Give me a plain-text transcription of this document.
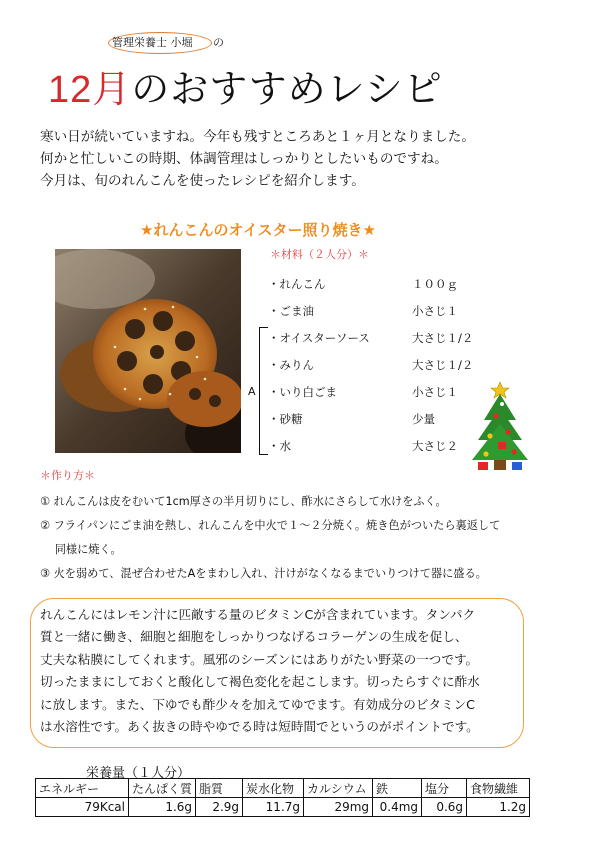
管理栄養士 小堀 の
12月のおすすめレシピ
寒い日が続いていますね。今年も残すところあと１ヶ月となりました。
何かと忙しいこの時期、体調管理はしっかりとしたいものですね。
今月は、旬のれんこんを使ったレシピを紹介します。
★れんこんのオイスター照り焼き★
＊材料（２人分）＊
・れんこん	１００ｇ
・ごま油	小さじ１
・オイスターソース	大さじ１/２
・みりん	大さじ１/２
・いり白ごま	小さじ１
・砂糖	少量
・水	大さじ２
A
＊作り方＊
① れんこんは皮をむいて1cm厚さの半月切りにし、酢水にさらして水けをふく。
② フライパンにごま油を熱し、れんこんを中火で１～２分焼く。焼き色がついたら裏返して
　 同様に焼く。
③ 火を弱めて、混ぜ合わせたAをまわし入れ、汁けがなくなるまでいりつけて器に盛る。
れんこんにはレモン汁に匹敵する量のビタミンCが含まれています。タンパク
質と一緒に働き、細胞と細胞をしっかりつなげるコラーゲンの生成を促し、
丈夫な粘膜にしてくれます。風邪のシーズンにはありがたい野菜の一つです。
切ったままにしておくと酸化して褐色変化を起こします。切ったらすぐに酢水
に放します。また、下ゆでも酢少々を加えてゆでます。有効成分のビタミンC
は水溶性です。あく抜きの時やゆでる時は短時間でというのがポイントです。
栄養量（１人分）
エネルギー	たんぱく質	脂質	炭水化物	カルシウム	鉄	塩分	食物繊維
79Kcal	1.6g	2.9g	11.7g	29mg	0.4mg	0.6g	1.2g
